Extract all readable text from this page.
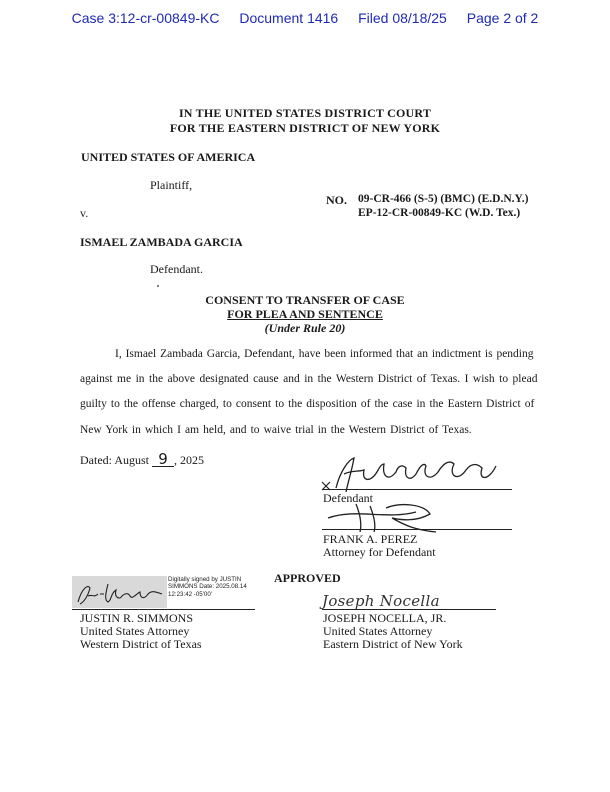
Case 3:12-cr-00849-KC Document 1416 Filed 08/18/25 Page 2 of 2
IN THE UNITED STATES DISTRICT COURT
FOR THE EASTERN DISTRICT OF NEW YORK
UNITED STATES OF AMERICA
Plaintiff,
v.
ISMAEL ZAMBADA GARCIA
Defendant.
NO. 09-CR-466 (S-5) (BMC) (E.D.N.Y.)
EP-12-CR-00849-KC (W.D. Tex.)
CONSENT TO TRANSFER OF CASE
FOR PLEA AND SENTENCE
(Under Rule 20)
I, Ismael Zambada Garcia, Defendant, have been informed that an indictment is pending
against me in the above designated cause and in the Western District of Texas. I wish to plead
guilty to the offense charged, to consent to the disposition of the case in the Eastern District of
New York in which I am held, and to waive trial in the Western District of Texas.
Dated: August 9 , 2025
Defendant
FRANK A. PEREZ
Attorney for Defendant
APPROVED
Digitally signed by JUSTIN SIMMONS Date: 2025.08.14 12:23:42 -05'00'
JUSTIN R. SIMMONS
United States Attorney
Western District of Texas
Joseph Nocella
JOSEPH NOCELLA, JR.
United States Attorney
Eastern District of New York
